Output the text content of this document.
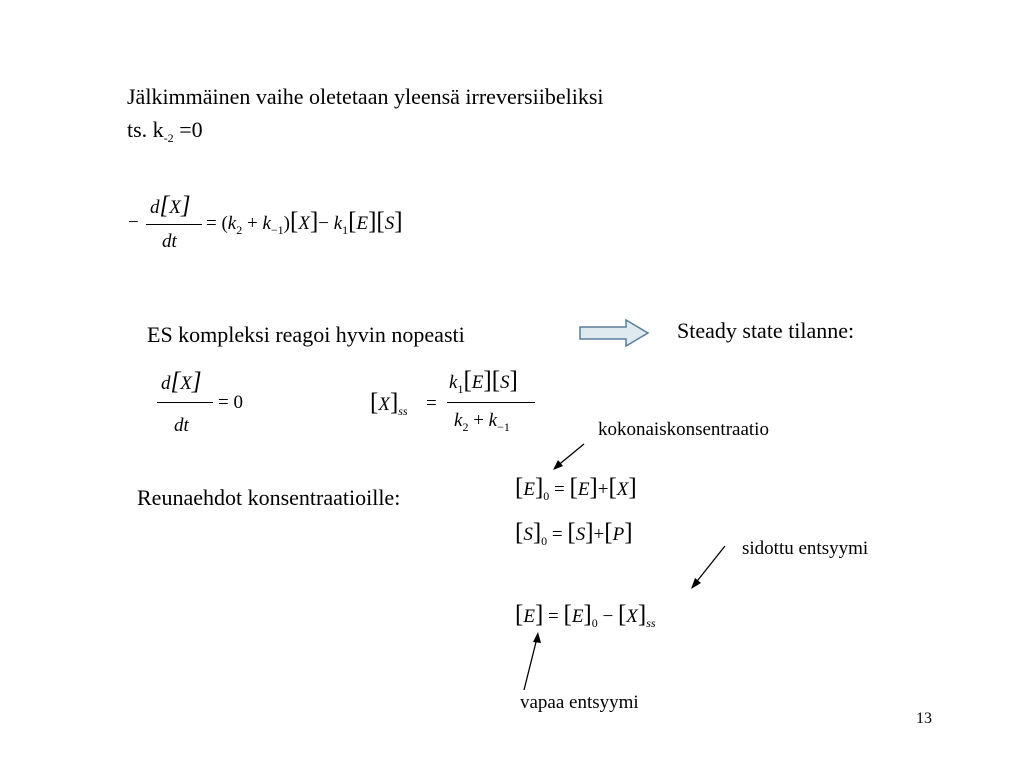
Jälkimmäinen vaihe oletetaan yleensä irreversiibeliksi
ts. $k_{-2} =0$
−
d[X]
dt
= $(k_2 + k_{-1})[X]- k_1[E][S]$
ES kompleksi reagoi hyvin nopeasti	Steady state tilanne:
d[X]
dt
= 0	$[X]_{ss}$ =
$k_1[E][S]$
$k_2 + k_{-1}$	kokonaiskonsentraatio
Reunaehdot konsentraatioille:	$[E]_0 = [E]+[X]$
$[S]_0 = [S]+[P]$
sidottu entsyymi
$[E] = [E]_0 - [X]_{ss}$
vapaa entsyymi
13
